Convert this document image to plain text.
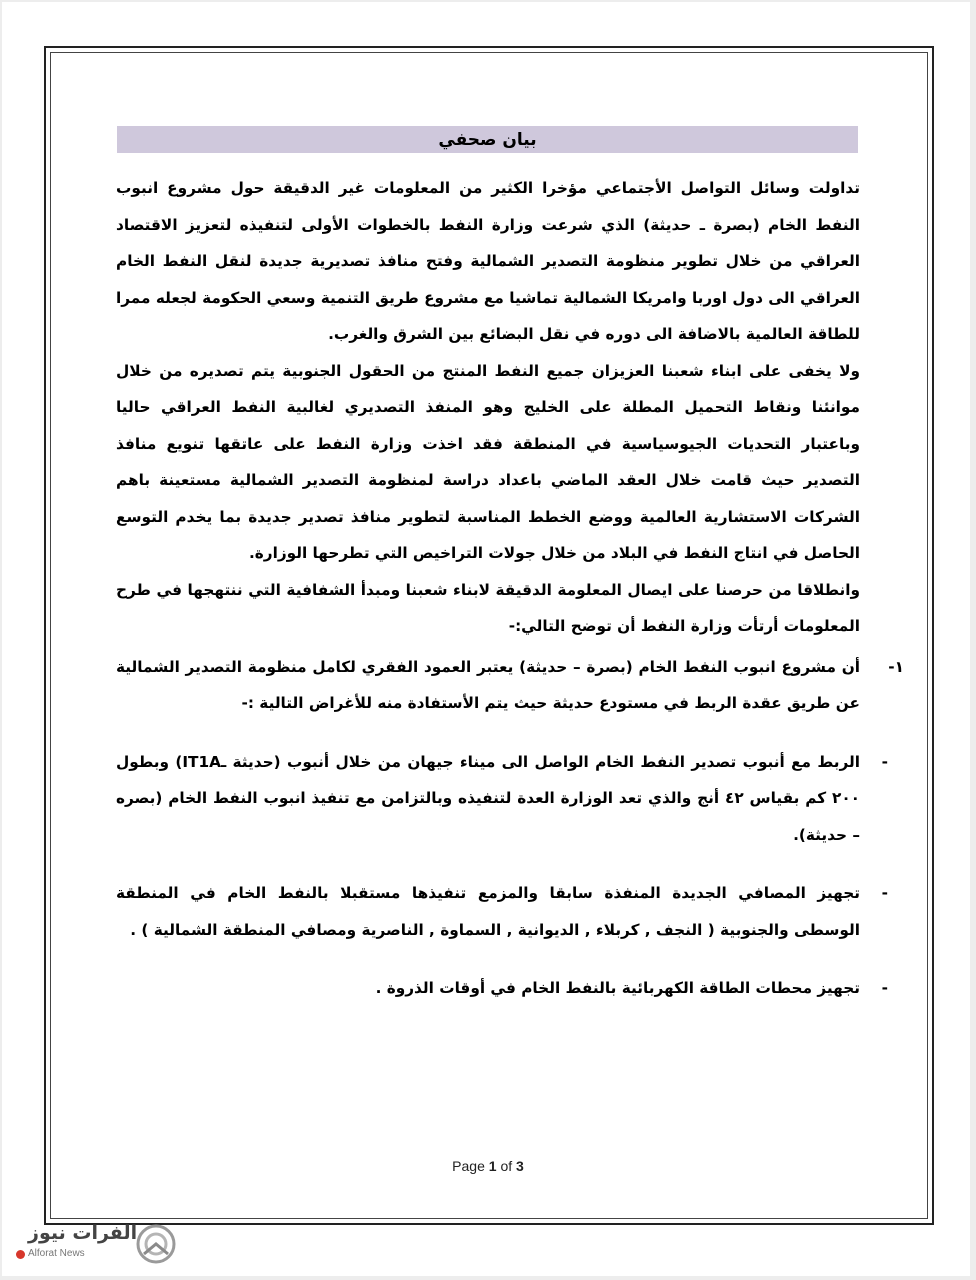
بيان صحفي

تداولت وسائل التواصل الأجتماعي مؤخرا الكثير من المعلومات غير الدقيقة حول مشروع انبوب النفط الخام (بصرة ـ حديثة) الذي شرعت وزارة النفط بالخطوات الأولى لتنفيذه لتعزيز الاقتصاد العراقي من خلال تطوير منظومة التصدير الشمالية وفتح منافذ تصديرية جديدة لنقل النفط الخام العراقي الى دول اوربا وامريكا الشمالية تماشيا مع مشروع طريق التنمية وسعي الحكومة لجعله ممرا للطاقة العالمية بالاضافة الى دوره في نقل البضائع بين الشرق والغرب.

ولا يخفى على ابناء شعبنا العزيزان جميع النفط المنتج من الحقول الجنوبية يتم تصديره من خلال موانئنا ونقاط التحميل المطلة على الخليج وهو المنفذ التصديري لغالبية النفط العراقي حاليا وباعتبار التحديات الجيوسياسية في المنطقة فقد اخذت وزارة النفط على عاتقها تنويع منافذ التصدير حيث قامت خلال العقد الماضي باعداد دراسة لمنظومة التصدير الشمالية مستعينة باهم الشركات الاستشارية العالمية ووضع الخطط المناسبة لتطوير منافذ تصدير جديدة بما يخدم التوسع الحاصل في انتاج النفط في البلاد من خلال جولات التراخيص التي تطرحها الوزارة.

وانطلاقا من حرصنا على ايصال المعلومة الدقيقة لابناء شعبنا ومبدأ الشفافية التي ننتهجها في طرح المعلومات أرتأت وزارة النفط أن توضح التالي:-

١-
أن مشروع انبوب النفط الخام (بصرة – حديثة) يعتبر العمود الفقري لكامل منظومة التصدير الشمالية عن طريق عقدة الربط في مستودع حديثة حيث يتم الأستفادة منه للأغراض التالية :-
-
الربط مع أنبوب تصدير النفط الخام الواصل الى ميناء جيهان من خلال أنبوب (حديثة ـIT1A) وبطول ٢٠٠ كم بقياس ٤٢ أنج والذي تعد الوزارة العدة لتنفيذه وبالتزامن مع تنفيذ انبوب النفط الخام (بصره – حديثة).
-
تجهيز المصافي الجديدة المنفذة سابقا والمزمع تنفيذها مستقبلا بالنفط الخام في المنطقة الوسطى والجنوبية ( النجف , كربلاء , الديوانية , السماوة , الناصرية ومصافي المنطقة الشمالية ) .
-
تجهيز محطات الطاقة الكهربائية بالنفط الخام في أوقات الذروة .
Page 1 of 3
الفرات نيوز
Alforat News
